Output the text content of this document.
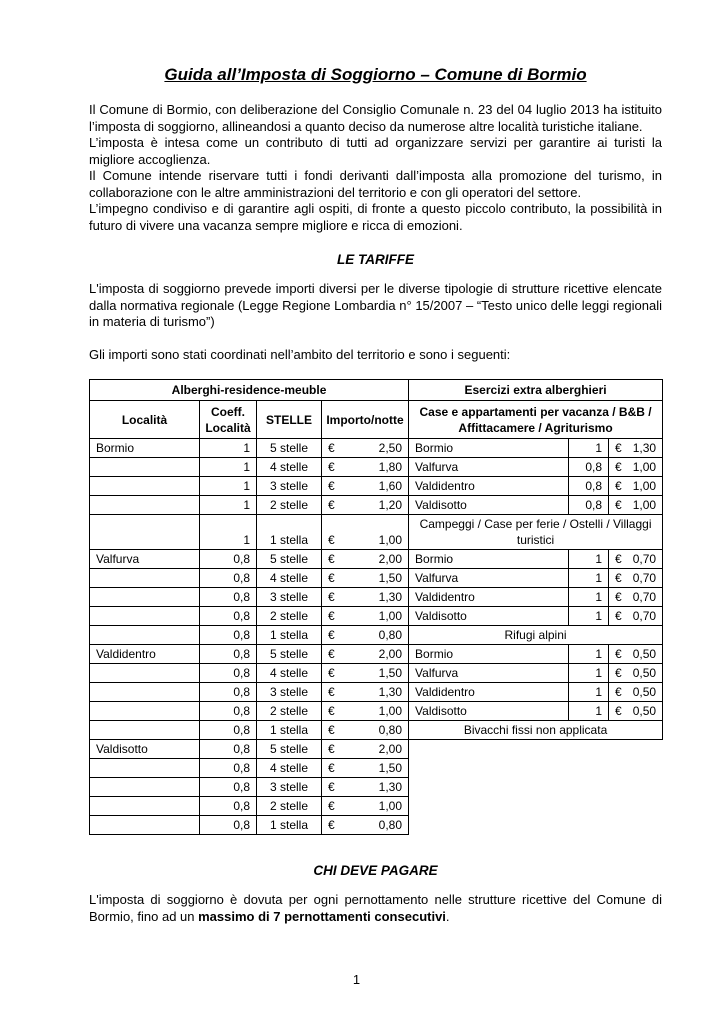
Guida all’Imposta di Soggiorno – Comune di Bormio

Il Comune di Bormio, con deliberazione del Consiglio Comunale n. 23 del 04 luglio 2013 ha istituito l’imposta di soggiorno, allineandosi a quanto deciso da numerose altre località turistiche italiane.

L’imposta è intesa come un contributo di tutti ad organizzare servizi per garantire ai turisti la migliore accoglienza.

Il Comune intende riservare tutti i fondi derivanti dall’imposta alla promozione del turismo, in collaborazione con le altre amministrazioni del territorio e con gli operatori del settore.

L’impegno condiviso e di garantire agli ospiti, di fronte a questo piccolo contributo, la possibilità in futuro di vivere una vacanza sempre migliore e ricca di emozioni.

LE TARIFFE

L'imposta di soggiorno prevede importi diversi per le diverse tipologie di strutture ricettive elencate dalla normativa regionale (Legge Regione Lombardia n° 15/2007 – “Testo unico delle leggi regionali in materia di turismo”)

Gli importi sono stati coordinati nell’ambito del territorio e sono i seguenti:

Alberghi-residence-meuble				Esercizi extra alberghieri		
Località	Coeff. Località	STELLE	Importo/notte	Case e appartamenti per vacanza / B&B / Affittacamere / Agriturismo		
Bormio	1	5 stelle	€ 2,50	Bormio	1	€ 1,30

	1	4 stelle	€ 1,80	Valfurva	0,8	€ 1,00

	1	3 stelle	€ 1,60	Valdidentro	0,8	€ 1,00

	1	2 stelle	€ 1,20	Valdisotto	0,8	€ 1,00

	1	1 stella	€ 1,00	Campeggi / Case per ferie / Ostelli / Villaggi turistici		
Valfurva	0,8	5 stelle	€ 2,00	Bormio	1	€ 0,70

	0,8	4 stelle	€ 1,50	Valfurva	1	€ 0,70

	0,8	3 stelle	€ 1,30	Valdidentro	1	€ 0,70

	0,8	2 stelle	€ 1,00	Valdisotto	1	€ 0,70

	0,8	1 stella	€ 0,80	Rifugi alpini		
Valdidentro	0,8	5 stelle	€ 2,00	Bormio	1	€ 0,50

	0,8	4 stelle	€ 1,50	Valfurva	1	€ 0,50

	0,8	3 stelle	€ 1,30	Valdidentro	1	€ 0,50

	0,8	2 stelle	€ 1,00	Valdisotto	1	€ 0,50

	0,8	1 stella	€ 0,80	Bivacchi fissi non applicata		
Valdisotto	0,8	5 stelle	€ 2,00			

	0,8	4 stelle	€ 1,50			

	0,8	3 stelle	€ 1,30			

	0,8	2 stelle	€ 1,00			

	0,8	1 stella	€ 0,80			

CHI DEVE PAGARE

L'imposta di soggiorno è dovuta per ogni pernottamento nelle strutture ricettive del Comune di Bormio, fino ad un massimo di 7 pernottamenti consecutivi.

1
